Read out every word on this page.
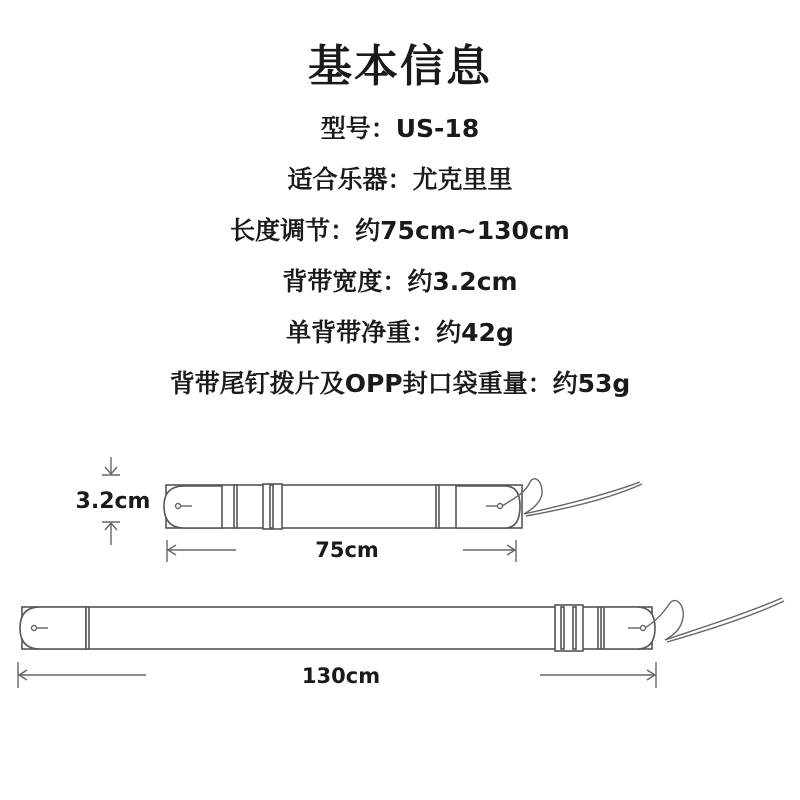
基本信息
型号：US-18
适合乐器：尤克里里
长度调节：约75cm~130cm
背带宽度：约3.2cm
单背带净重：约42g
背带尾钉拨片及OPP封口袋重量：约53g
3.2cm
75cm
130cm
